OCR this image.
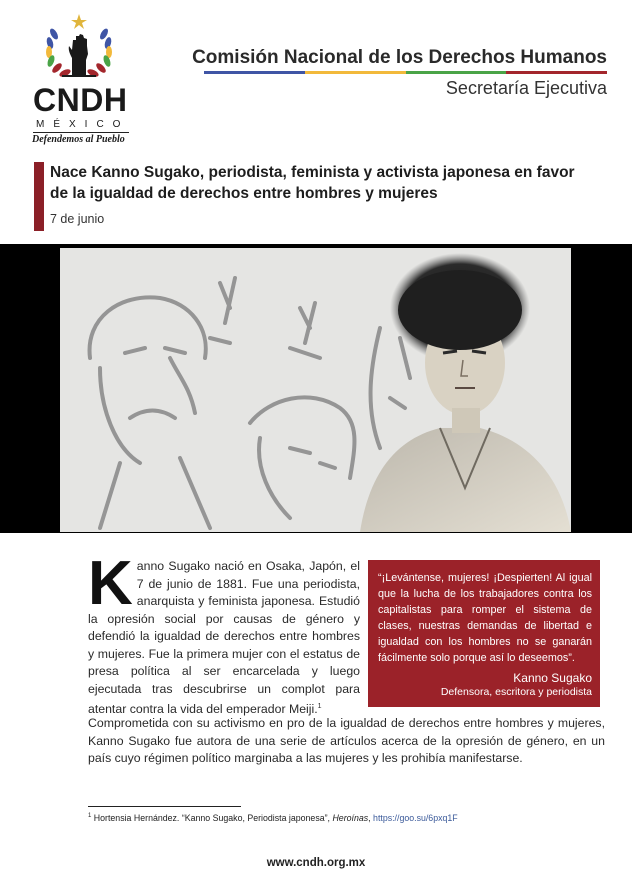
CNDH
MÉXICO
Defendemos al Pueblo
Comisión Nacional de los Derechos Humanos
Secretaría Ejecutiva
Nace Kanno Sugako, periodista, feminista y activista japonesa en favor de la igualdad de derechos entre hombres y mujeres
7 de junio
Kanno Sugako nació en Osaka, Japón, el 7 de junio de 1881. Fue una periodista, anarquista y feminista japonesa. Estudió la opresión social por causas de género y defendió la igualdad de derechos entre hombres y mujeres. Fue la primera mujer con el estatus de presa política al ser encarcelada y luego ejecutada tras descubrirse un complot para atentar contra la vida del emperador Meiji.$^1$
Comprometida con su activismo en pro de la igualdad de derechos entre hombres y mujeres, Kanno Sugako fue autora de una serie de artículos acerca de la opresión de género, en un país cuyo régimen político marginaba a las mujeres y les prohibía manifestarse.

“¡Levántense, mujeres! ¡Despierten! Al igual que la lucha de los trabajadores contra los capitalistas para romper el sistema de clases, nuestras demandas de libertad e igualdad con los hombres no se ganarán fácilmente solo porque así lo deseemos”.

Kanno Sugako
Defensora, escritora y periodista
$^1$ Hortensia Hernández. “Kanno Sugako, Periodista japonesa”, Heroínas, https://goo.su/6pxq1F
www.cndh.org.mx
